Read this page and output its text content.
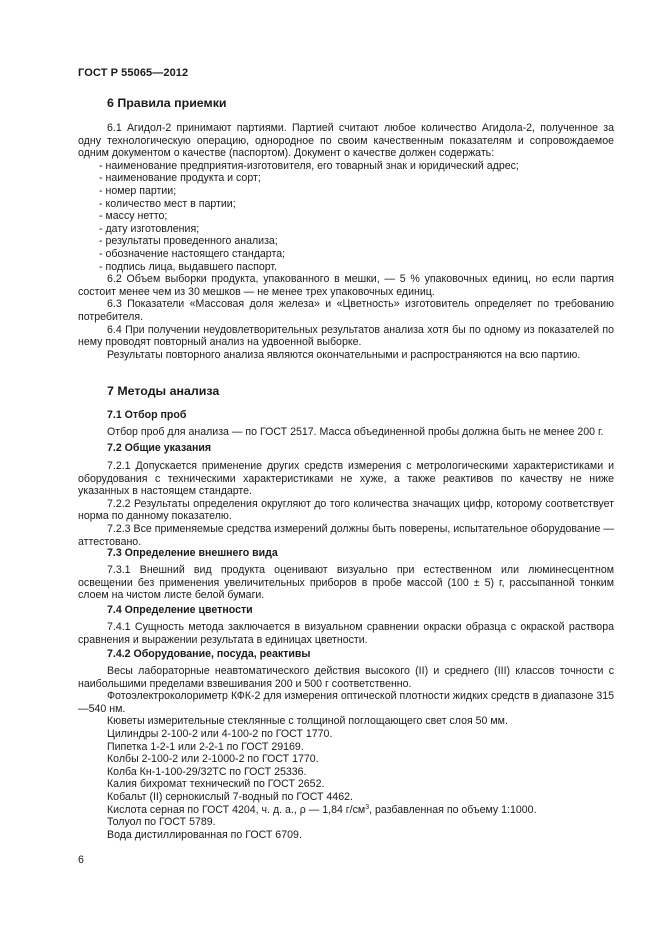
ГОСТ Р 55065—2012
6 Правила приемки

6.1 Агидол-2 принимают партиями. Партией считают любое количество Агидола-2, полученное за одну технологическую операцию, однородное по своим качественным показателям и сопровождаемое одним документом о качестве (паспортом). Документ о качестве должен содержать:

- наименование предприятия-изготовителя, его товарный знак и юридический адрес;
- наименование продукта и сорт;
- номер партии;
- количество мест в партии;
- массу нетто;
- дату изготовления;
- результаты проведенного анализа;
- обозначение настоящего стандарта;
- подпись лица, выдавшего паспорт.

6.2 Объем выборки продукта, упакованного в мешки, — 5 % упаковочных единиц, но если партия состоит менее чем из 30 мешков — не менее трех упаковочных единиц.

6.3 Показатели «Массовая доля железа» и «Цветность» изготовитель определяет по требованию потребителя.

6.4 При получении неудовлетворительных результатов анализа хотя бы по одному из показателей по нему проводят повторный анализ на удвоенной выборке.

Результаты повторного анализа являются окончательными и распространяются на всю партию.

7 Методы анализа
7.1 Отбор проб

Отбор проб для анализа — по ГОСТ 2517. Масса объединенной пробы должна быть не менее 200 г.

7.2 Общие указания

7.2.1 Допускается применение других средств измерения с метрологическими характеристиками и оборудования с техническими характеристиками не хуже, а также реактивов по качеству не ниже указанных в настоящем стандарте.

7.2.2 Результаты определения округляют до того количества значащих цифр, которому соответствует норма по данному показателю.

7.2.3 Все применяемые средства измерений должны быть поверены, испытательное оборудование — аттестовано.

7.3 Определение внешнего вида

7.3.1 Внешний вид продукта оценивают визуально при естественном или люминесцентном освещении без применения увеличительных приборов в пробе массой (100 ± 5) г, рассыпанной тонким слоем на чистом листе белой бумаги.

7.4 Определение цветности

7.4.1 Сущность метода заключается в визуальном сравнении окраски образца с окраской раствора сравнения и выражении результата в единицах цветности.

7.4.2 Оборудование, посуда, реактивы

Весы лабораторные неавтоматического действия высокого (II) и среднего (III) классов точности с наибольшими пределами взвешивания 200 и 500 г соответственно.

Фотоэлектроколориметр КФК-2 для измерения оптической плотности жидких средств в диапазоне 315—540 нм.

Кюветы измерительные стеклянные с толщиной поглощающего свет слоя 50 мм.

Цилиндры 2-100-2 или 4-100-2 по ГОСТ 1770.

Пипетка 1-2-1 или 2-2-1 по ГОСТ 29169.

Колбы 2-100-2 или 2-1000-2 по ГОСТ 1770.

Колба Кн-1-100-29/32ТС по ГОСТ 25336.

Калия бихромат технический по ГОСТ 2652.

Кобальт (II) сернокислый 7-водный по ГОСТ 4462.

Кислота серная по ГОСТ 4204, ч. д. а., ρ — 1,84 $г/см^3$, разбавленная по объему 1:1000.

Толуол по ГОСТ 5789.

Вода дистиллированная по ГОСТ 6709.

6
